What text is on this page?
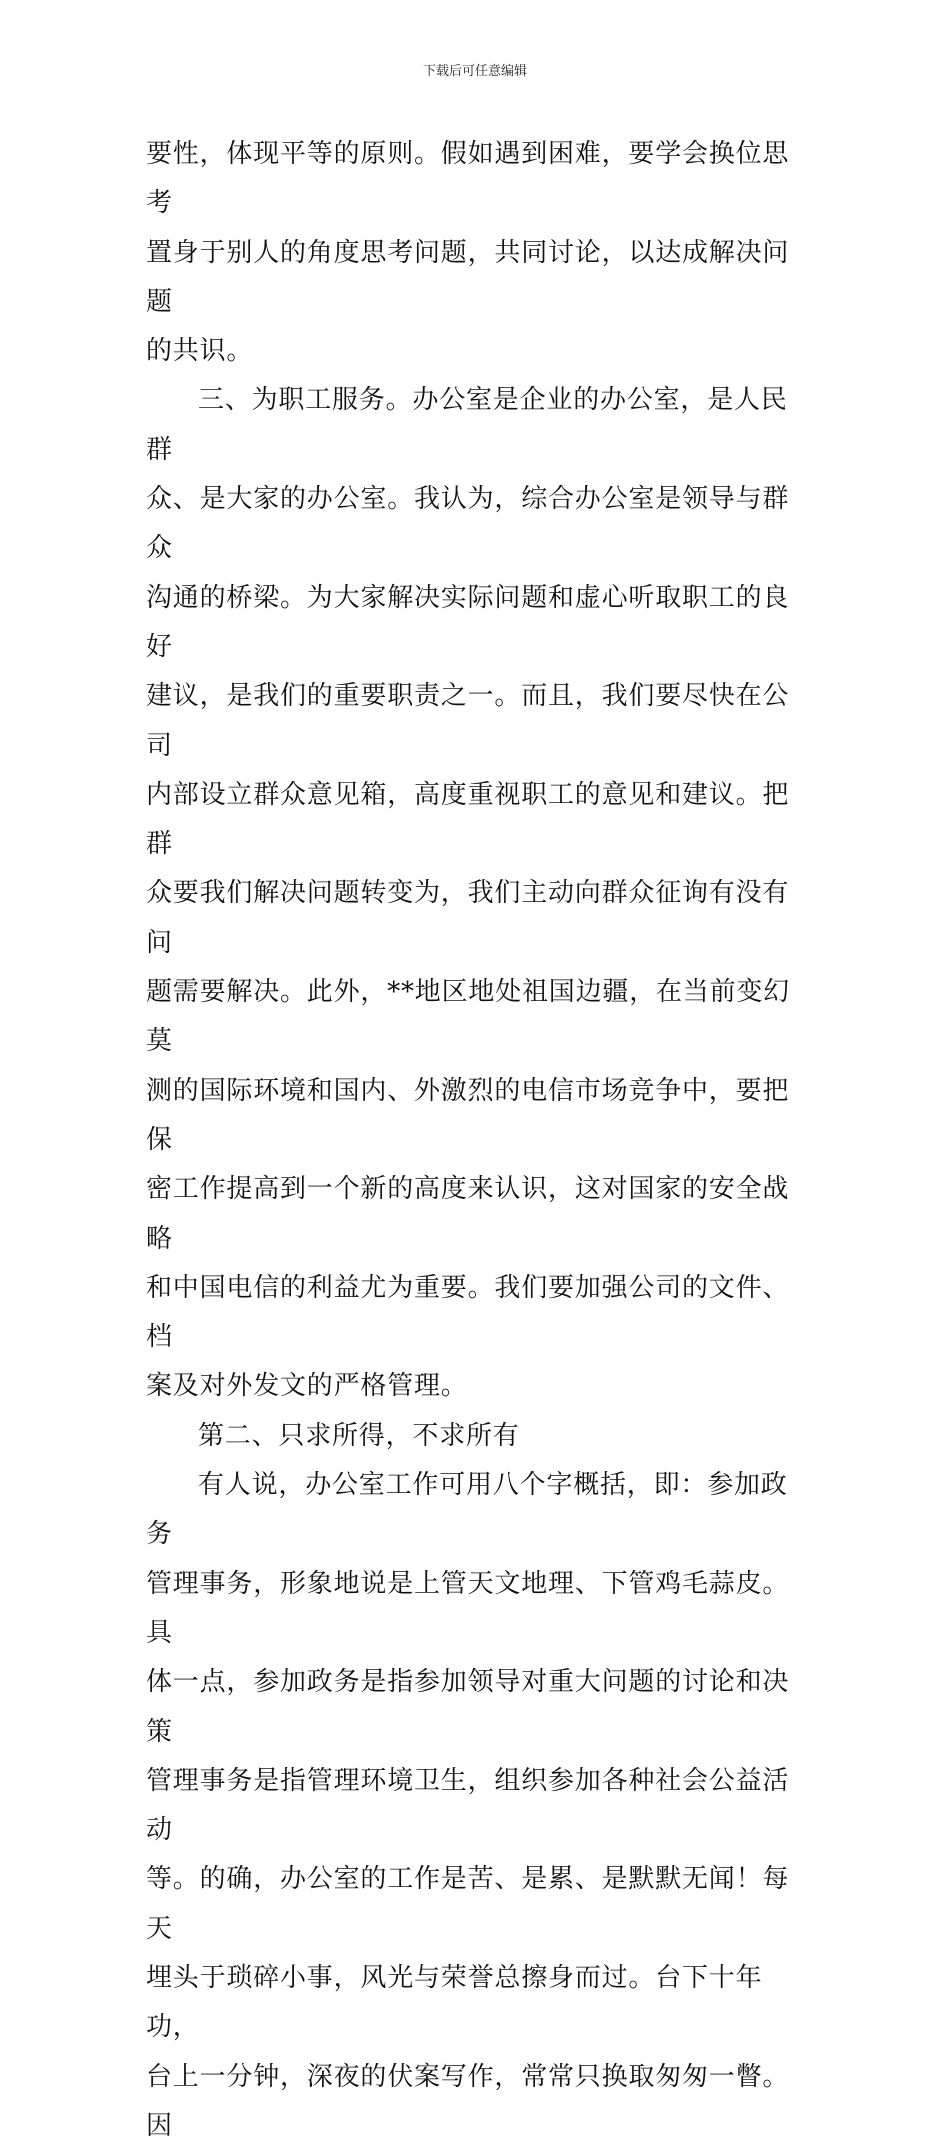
下载后可任意编辑

要性，体现平等的原则。假如遇到困难，要学会换位思考
置身于别人的角度思考问题，共同讨论，以达成解决问题
的共识。

三、为职工服务。办公室是企业的办公室，是人民群
众、是大家的办公室。我认为，综合办公室是领导与群众
沟通的桥梁。为大家解决实际问题和虚心听取职工的良好
建议，是我们的重要职责之一。而且，我们要尽快在公司
内部设立群众意见箱，高度重视职工的意见和建议。把群
众要我们解决问题转变为，我们主动向群众征询有没有问
题需要解决。此外，**地区地处祖国边疆，在当前变幻莫
测的国际环境和国内、外激烈的电信市场竞争中，要把保
密工作提高到一个新的高度来认识，这对国家的安全战略
和中国电信的利益尤为重要。我们要加强公司的文件、档
案及对外发文的严格管理。

第二、只求所得，不求所有

有人说，办公室工作可用八个字概括，即：参加政务
管理事务，形象地说是上管天文地理、下管鸡毛蒜皮。具
体一点，参加政务是指参加领导对重大问题的讨论和决策
管理事务是指管理环境卫生，组织参加各种社会公益活动
等。的确，办公室的工作是苦、是累、是默默无闻！每天
埋头于琐碎小事，风光与荣誉总擦身而过。台下十年功，
台上一分钟，深夜的伏案写作，常常只换取匆匆一瞥。因
